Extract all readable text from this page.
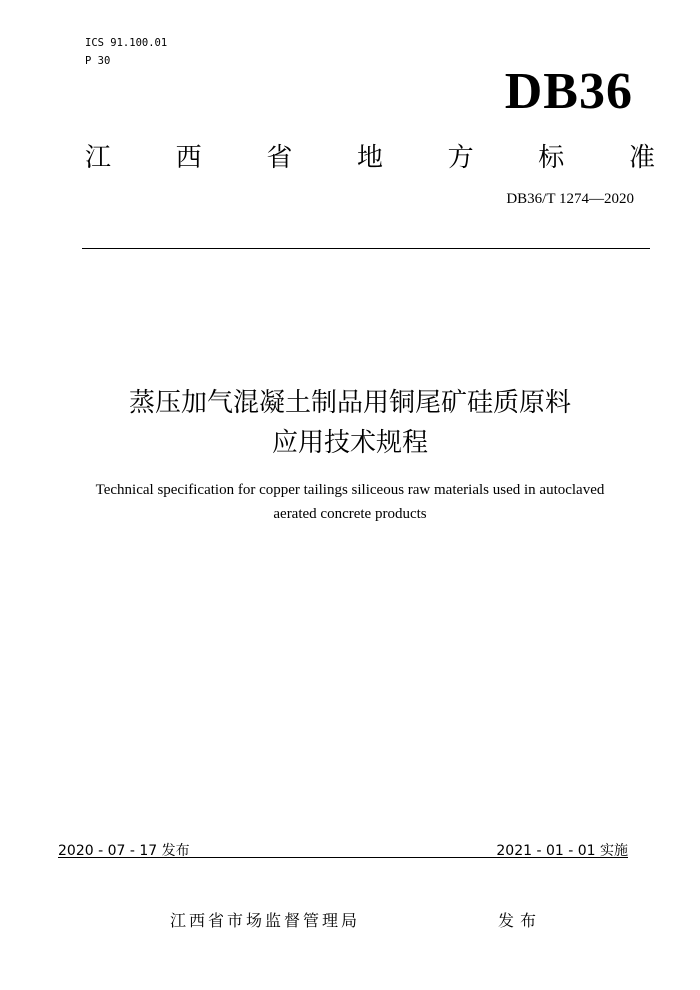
ICS 91.100.01
P 30
DB36
江 西 省 地 方 标 准
DB36/T 1274—2020
蒸压加气混凝土制品用铜尾矿硅质原料
应用技术规程
Technical specification for copper tailings siliceous raw materials used in autoclaved
aerated concrete products
2020 - 07 - 17 发布	2021 - 01 - 01 实施
江西省市场监督管理局	发布
